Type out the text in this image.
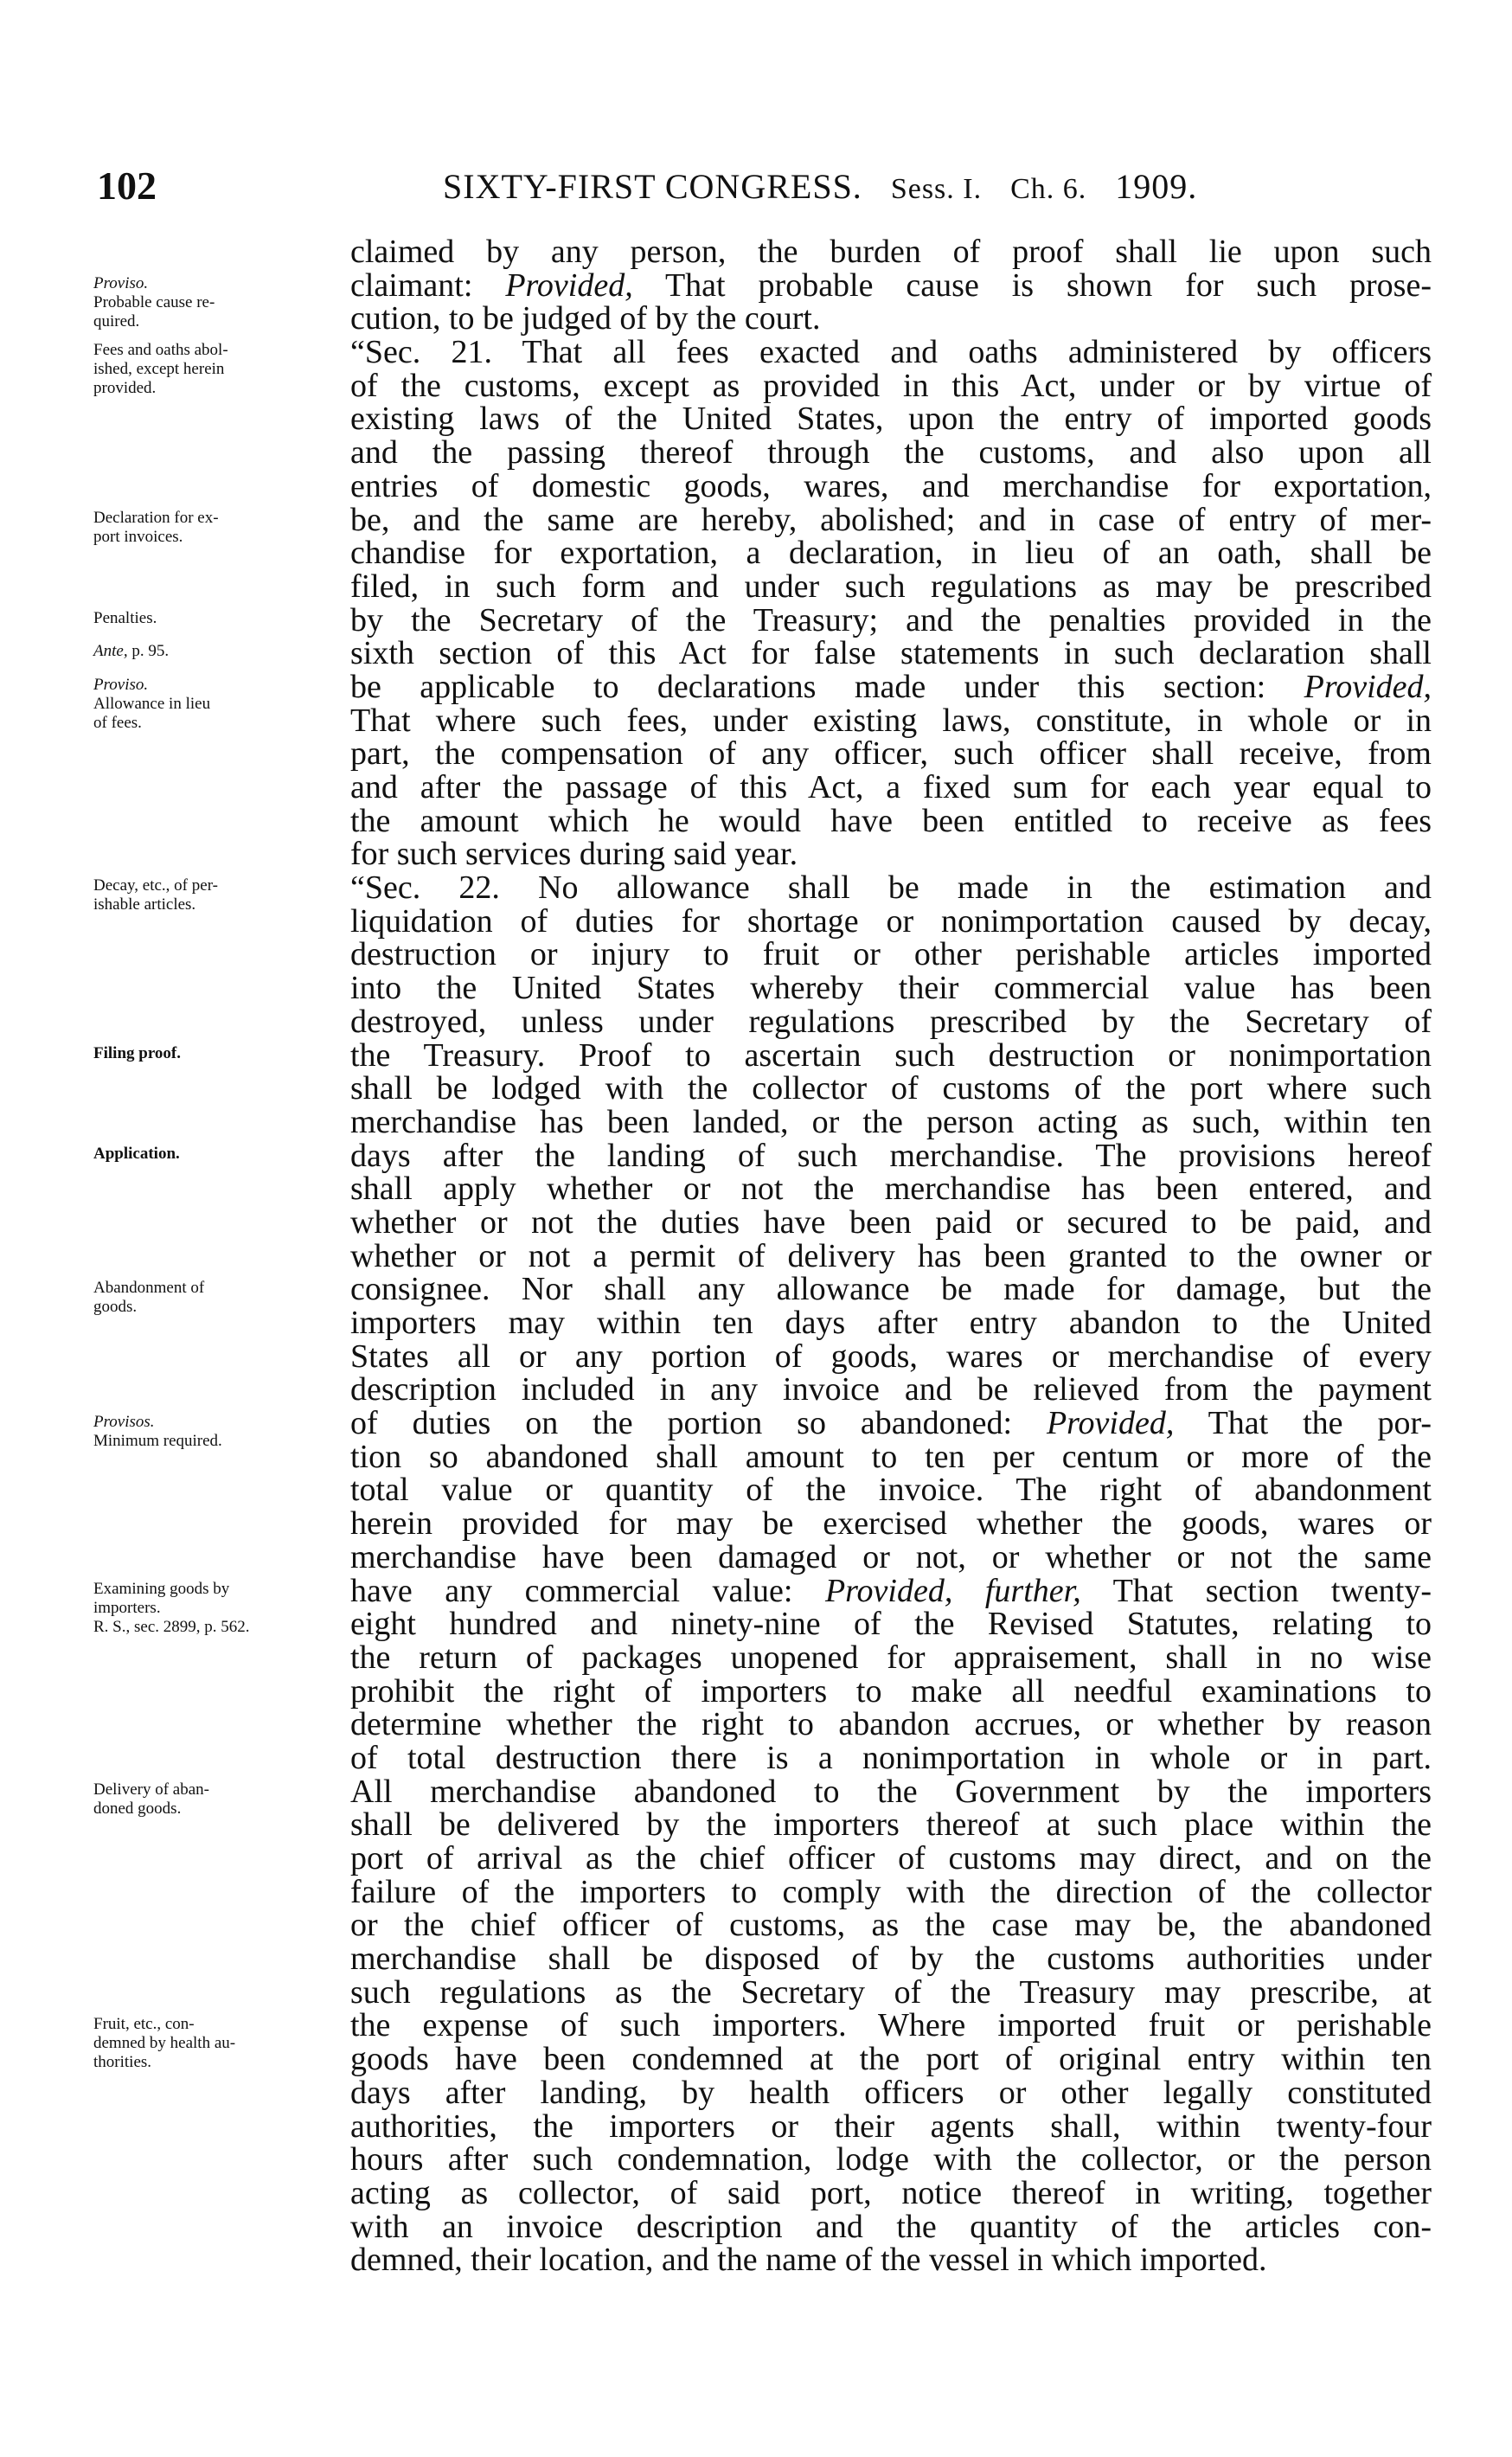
102	SIXTY-FIRST CONGRESS. Sess. I. Ch. 6. 1909.
claimed by any person, the burden of proof shall lie upon such
claimant: Provided, That probable cause is shown for such prose-
cution, to be judged of by the court.
“Sec. 21. That all fees exacted and oaths administered by officers
of the customs, except as provided in this Act, under or by virtue of
existing laws of the United States, upon the entry of imported goods
and the passing thereof through the customs, and also upon all
entries of domestic goods, wares, and merchandise for exportation,
be, and the same are hereby, abolished; and in case of entry of mer-
chandise for exportation, a declaration, in lieu of an oath, shall be
filed, in such form and under such regulations as may be prescribed
by the Secretary of the Treasury; and the penalties provided in the
sixth section of this Act for false statements in such declaration shall
be applicable to declarations made under this section: Provided,
That where such fees, under existing laws, constitute, in whole or in
part, the compensation of any officer, such officer shall receive, from
and after the passage of this Act, a fixed sum for each year equal to
the amount which he would have been entitled to receive as fees
for such services during said year.
“Sec. 22. No allowance shall be made in the estimation and
liquidation of duties for shortage or nonimportation caused by decay,
destruction or injury to fruit or other perishable articles imported
into the United States whereby their commercial value has been
destroyed, unless under regulations prescribed by the Secretary of
the Treasury. Proof to ascertain such destruction or nonimportation
shall be lodged with the collector of customs of the port where such
merchandise has been landed, or the person acting as such, within ten
days after the landing of such merchandise. The provisions hereof
shall apply whether or not the merchandise has been entered, and
whether or not the duties have been paid or secured to be paid, and
whether or not a permit of delivery has been granted to the owner or
consignee. Nor shall any allowance be made for damage, but the
importers may within ten days after entry abandon to the United
States all or any portion of goods, wares or merchandise of every
description included in any invoice and be relieved from the payment
of duties on the portion so abandoned: Provided, That the por-
tion so abandoned shall amount to ten per centum or more of the
total value or quantity of the invoice. The right of abandonment
herein provided for may be exercised whether the goods, wares or
merchandise have been damaged or not, or whether or not the same
have any commercial value: Provided, further, That section twenty-
eight hundred and ninety-nine of the Revised Statutes, relating to
the return of packages unopened for appraisement, shall in no wise
prohibit the right of importers to make all needful examinations to
determine whether the right to abandon accrues, or whether by reason
of total destruction there is a nonimportation in whole or in part.
All merchandise abandoned to the Government by the importers
shall be delivered by the importers thereof at such place within the
port of arrival as the chief officer of customs may direct, and on the
failure of the importers to comply with the direction of the collector
or the chief officer of customs, as the case may be, the abandoned
merchandise shall be disposed of by the customs authorities under
such regulations as the Secretary of the Treasury may prescribe, at
the expense of such importers. Where imported fruit or perishable
goods have been condemned at the port of original entry within ten
days after landing, by health officers or other legally constituted
authorities, the importers or their agents shall, within twenty-four
hours after such condemnation, lodge with the collector, or the person
acting as collector, of said port, notice thereof in writing, together
with an invoice description and the quantity of the articles con-
demned, their location, and the name of the vessel in which imported.
Proviso.
Probable cause re-
quired.
Fees and oaths abol-
ished, except herein
provided.
Declaration for ex-
port invoices.
Penalties.
Ante, p. 95.
Proviso.
Allowance in lieu
of fees.
Decay, etc., of per-
ishable articles.
Filing proof.
Application.
Abandonment of
goods.
Provisos.
Minimum required.
Examining goods by
importers.
R. S., sec. 2899, p. 562.
Delivery of aban-
doned goods.
Fruit, etc., con-
demned by health au-
thorities.
